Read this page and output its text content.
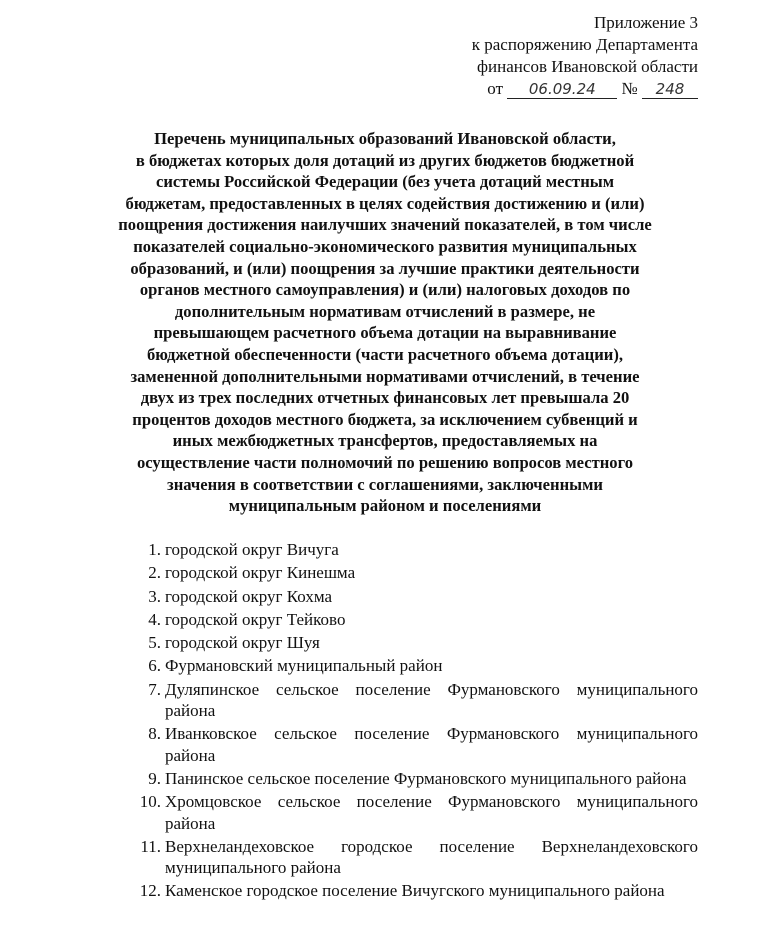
Приложение 3
к распоряжению Департамента
финансов Ивановской области
от 06.09.24 № 248
Перечень муниципальных образований Ивановской области,
в бюджетах которых доля дотаций из других бюджетов бюджетной
системы Российской Федерации (без учета дотаций местным
бюджетам, предоставленных в целях содействия достижению и (или)
поощрения достижения наилучших значений показателей, в том числе
показателей социально-экономического развития муниципальных
образований, и (или) поощрения за лучшие практики деятельности
органов местного самоуправления) и (или) налоговых доходов по
дополнительным нормативам отчислений в размере, не
превышающем расчетного объема дотации на выравнивание
бюджетной обеспеченности (части расчетного объема дотации),
замененной дополнительными нормативами отчислений, в течение
двух из трех последних отчетных финансовых лет превышала 20
процентов доходов местного бюджета, за исключением субвенций и
иных межбюджетных трансфертов, предоставляемых на
осуществление части полномочий по решению вопросов местного
значения в соответствии с соглашениями, заключенными
муниципальным районом и поселениями
1. городской округ Вичуга
2. городской округ Кинешма
3. городской округ Кохма
4. городской округ Тейково
5. городской округ Шуя
6. Фурмановский муниципальный район
7. Дуляпинское сельское поселение Фурмановского муниципального района
8. Иванковское сельское поселение Фурмановского муниципального района
9. Панинское сельское поселение Фурмановского муниципального района
10. Хромцовское сельское поселение Фурмановского муниципального района
11. Верхнеландеховское городское поселение Верхнеландеховского муниципального района
12. Каменское городское поселение Вичугского муниципального района
